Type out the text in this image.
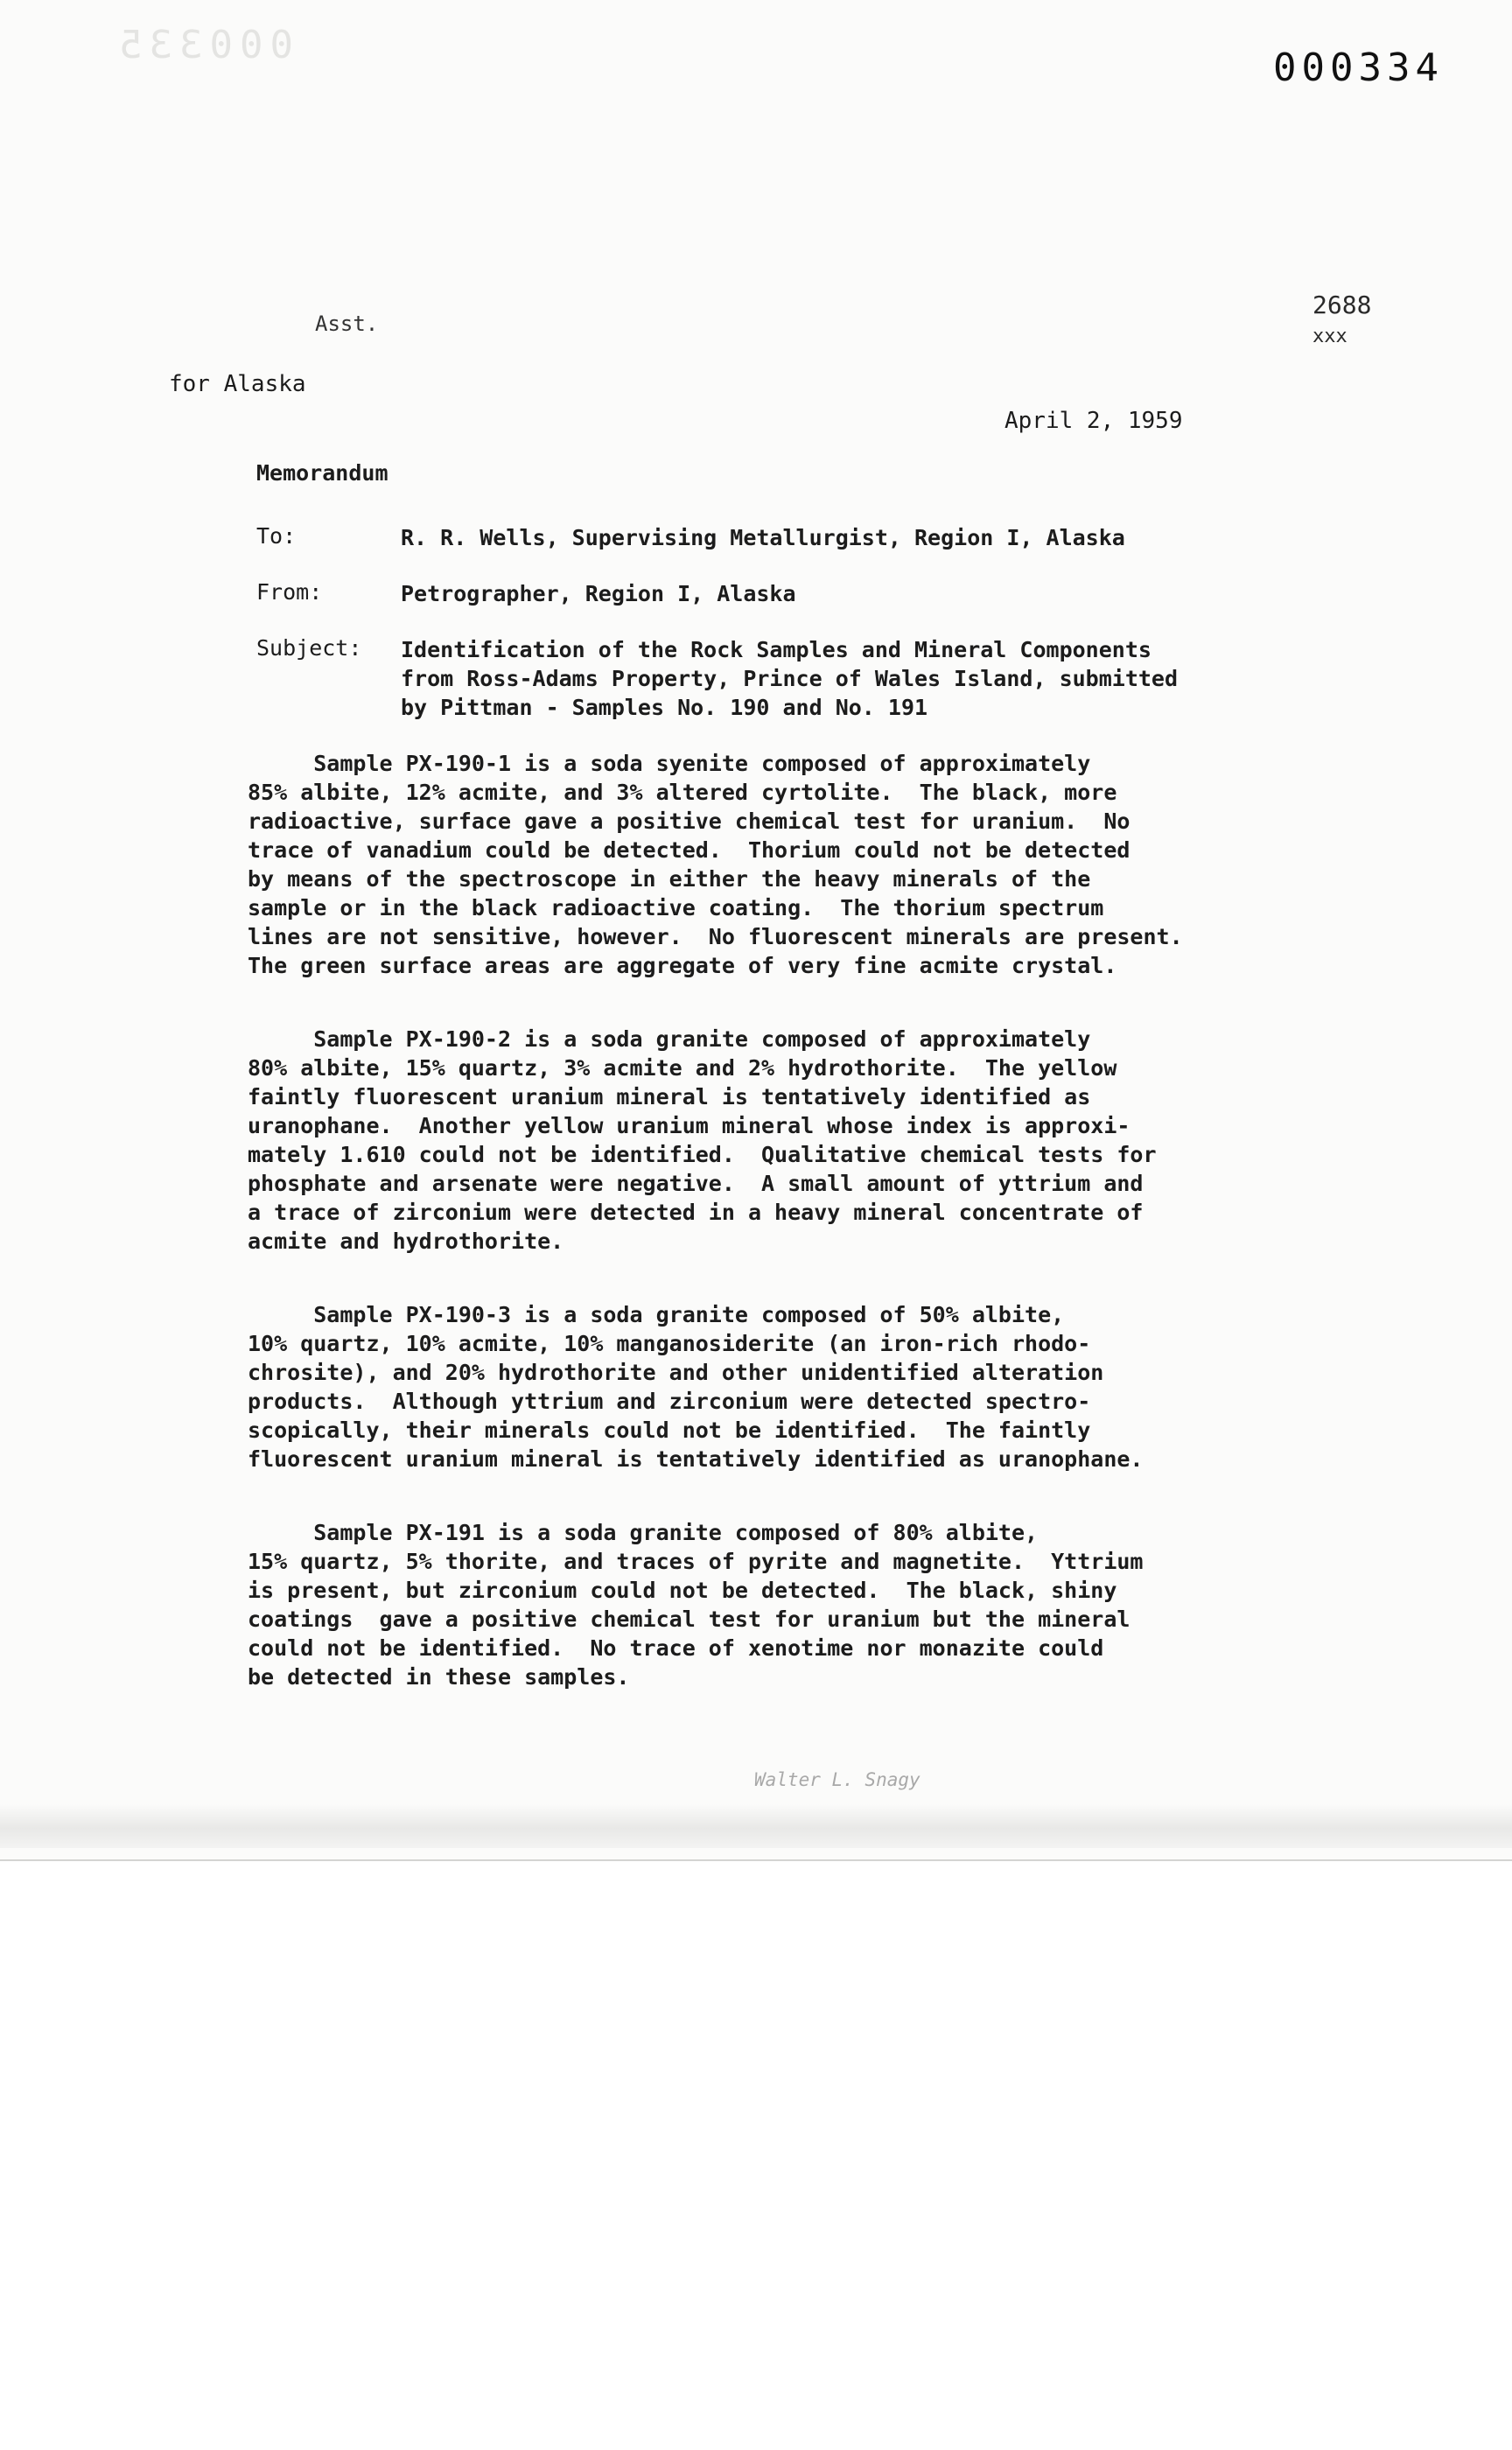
000335
000334
2688
xxx
Asst.
for Alaska
April 2, 1959
Memorandum
To:	R. R. Wells, Supervising Metallurgist, Region I, Alaska
From:	Petrographer, Region I, Alaska
Subject: Identification of the Rock Samples and Mineral Components
from Ross-Adams Property, Prince of Wales Island, submitted
by Pittman - Samples No. 190 and No. 191

Sample PX-190-1 is a soda syenite composed of approximately
85% albite, 12% acmite, and 3% altered cyrtolite.  The black, more
radioactive, surface gave a positive chemical test for uranium.  No
trace of vanadium could be detected.  Thorium could not be detected
by means of the spectroscope in either the heavy minerals of the
sample or in the black radioactive coating.  The thorium spectrum
lines are not sensitive, however.  No fluorescent minerals are present.
The green surface areas are aggregate of very fine acmite crystal.

Sample PX-190-2 is a soda granite composed of approximately
80% albite, 15% quartz, 3% acmite and 2% hydrothorite.  The yellow
faintly fluorescent uranium mineral is tentatively identified as
uranophane.  Another yellow uranium mineral whose index is approxi-
mately 1.610 could not be identified.  Qualitative chemical tests for
phosphate and arsenate were negative.  A small amount of yttrium and
a trace of zirconium were detected in a heavy mineral concentrate of
acmite and hydrothorite.

Sample PX-190-3 is a soda granite composed of 50% albite,
10% quartz, 10% acmite, 10% manganosiderite (an iron-rich rhodo-
chrosite), and 20% hydrothorite and other unidentified alteration
products.  Although yttrium and zirconium were detected spectro-
scopically, their minerals could not be identified.  The faintly
fluorescent uranium mineral is tentatively identified as uranophane.

Sample PX-191 is a soda granite composed of 80% albite,
15% quartz, 5% thorite, and traces of pyrite and magnetite.  Yttrium
is present, but zirconium could not be detected.  The black, shiny
coatings  gave a positive chemical test for uranium but the mineral
could not be identified.  No trace of xenotime nor monazite could
be detected in these samples.

Walter L. Snagy
